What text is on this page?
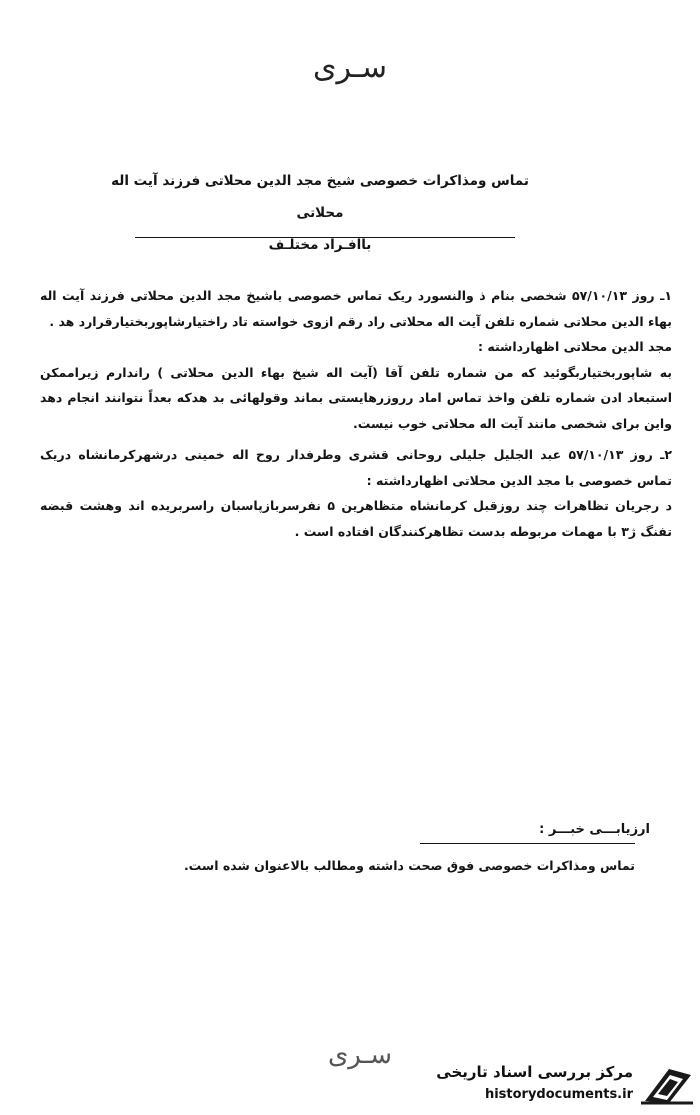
سـری
تماس ومذاکرات خصوصی شیخ مجد الدین محلاتی فرزند آیت اله محلاتی
باافـراد مختلـف

۱ـ روز ۵۷/۱۰/۱۳ شخصی بنام ذ والنسورد ریک تماس خصوصی باشیخ مجد الدین محلاتی فرزند آیت اله بهاء الدین محلاتی شماره تلفن آیت اله محلاتی راد رقم ازوی خواسته تاد راختیارشاپوربختیارقرارد هد .

مجد الدین محلاتی اظهارداشته :

به شاپوربختیاربگوئید که من شماره تلفن آقا (آیت اله شیخ بهاء الدین محلاتی ) راندارم زیراممکن استبعاد ادن شماره تلفن واخذ تماس اماد رروزرهایستی بماند وقولهائی بد هدکه بعداً نتوانند انجام دهد واین برای شخصی مانند آیت اله محلاتی خوب نیست.

۲ـ روز ۵۷/۱۰/۱۳ عبد الجلیل جلیلی روحانی قشری وطرفدار روح اله خمینی درشهرکرمانشاه دریک تماس خصوصی با مجد الدین محلاتی اظهارداشته :

د رجریان تظاهرات چند روزقبل کرمانشاه متظاهرین ۵ نفرسربازپاسبان راسربریده اند وهشت قبضه تفنگ ژ۳ با مهمات مربوطه بدست تظاهرکنندگان افتاده است .

ارزیابـــی خبـــر :
تماس ومذاکرات خصوصی فوق صحت داشته ومطالب بالاعنوان شده است.
سـری
مرکز بررسی اسناد تاریخی
historydocuments.ir
